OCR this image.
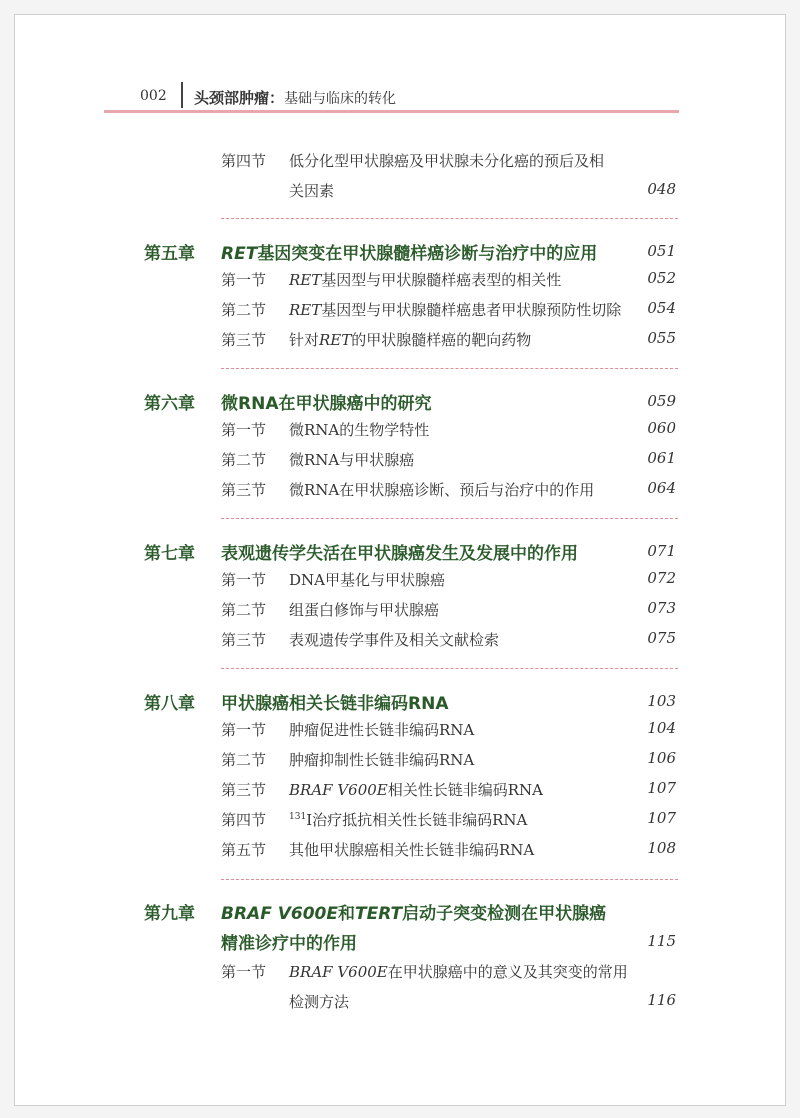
002 头颈部肿瘤：基础与临床的转化
第四节 低分化型甲状腺癌及甲状腺未分化癌的预后及相
关因素	048
第五章 RET基因突变在甲状腺髓样癌诊断与治疗中的应用	051
第一节 RET基因型与甲状腺髓样癌表型的相关性	052
第二节 RET基因型与甲状腺髓样癌患者甲状腺预防性切除 054
第三节 针对RET的甲状腺髓样癌的靶向药物	055
第六章 微RNA在甲状腺癌中的研究	059
第一节 微RNA的生物学特性	060
第二节 微RNA与甲状腺癌	061
第三节 微RNA在甲状腺癌诊断、预后与治疗中的作用	064
第七章 表观遗传学失活在甲状腺癌发生及发展中的作用	071
第一节 DNA甲基化与甲状腺癌	072
第二节 组蛋白修饰与甲状腺癌	073
第三节 表观遗传学事件及相关文献检索	075
第八章 甲状腺癌相关长链非编码RNA	103
第一节 肿瘤促进性长链非编码RNA	104
第二节 肿瘤抑制性长链非编码RNA	106
第三节 BRAF V600E相关性长链非编码RNA	107
第四节	$^{131}$I治疗抵抗相关性长链非编码RNA	107
第五节 其他甲状腺癌相关性长链非编码RNA	108
第九章 BRAF V600E和TERT启动子突变检测在甲状腺癌
精准诊疗中的作用	115
第一节 BRAF V600E在甲状腺癌中的意义及其突变的常用
检测方法	116
